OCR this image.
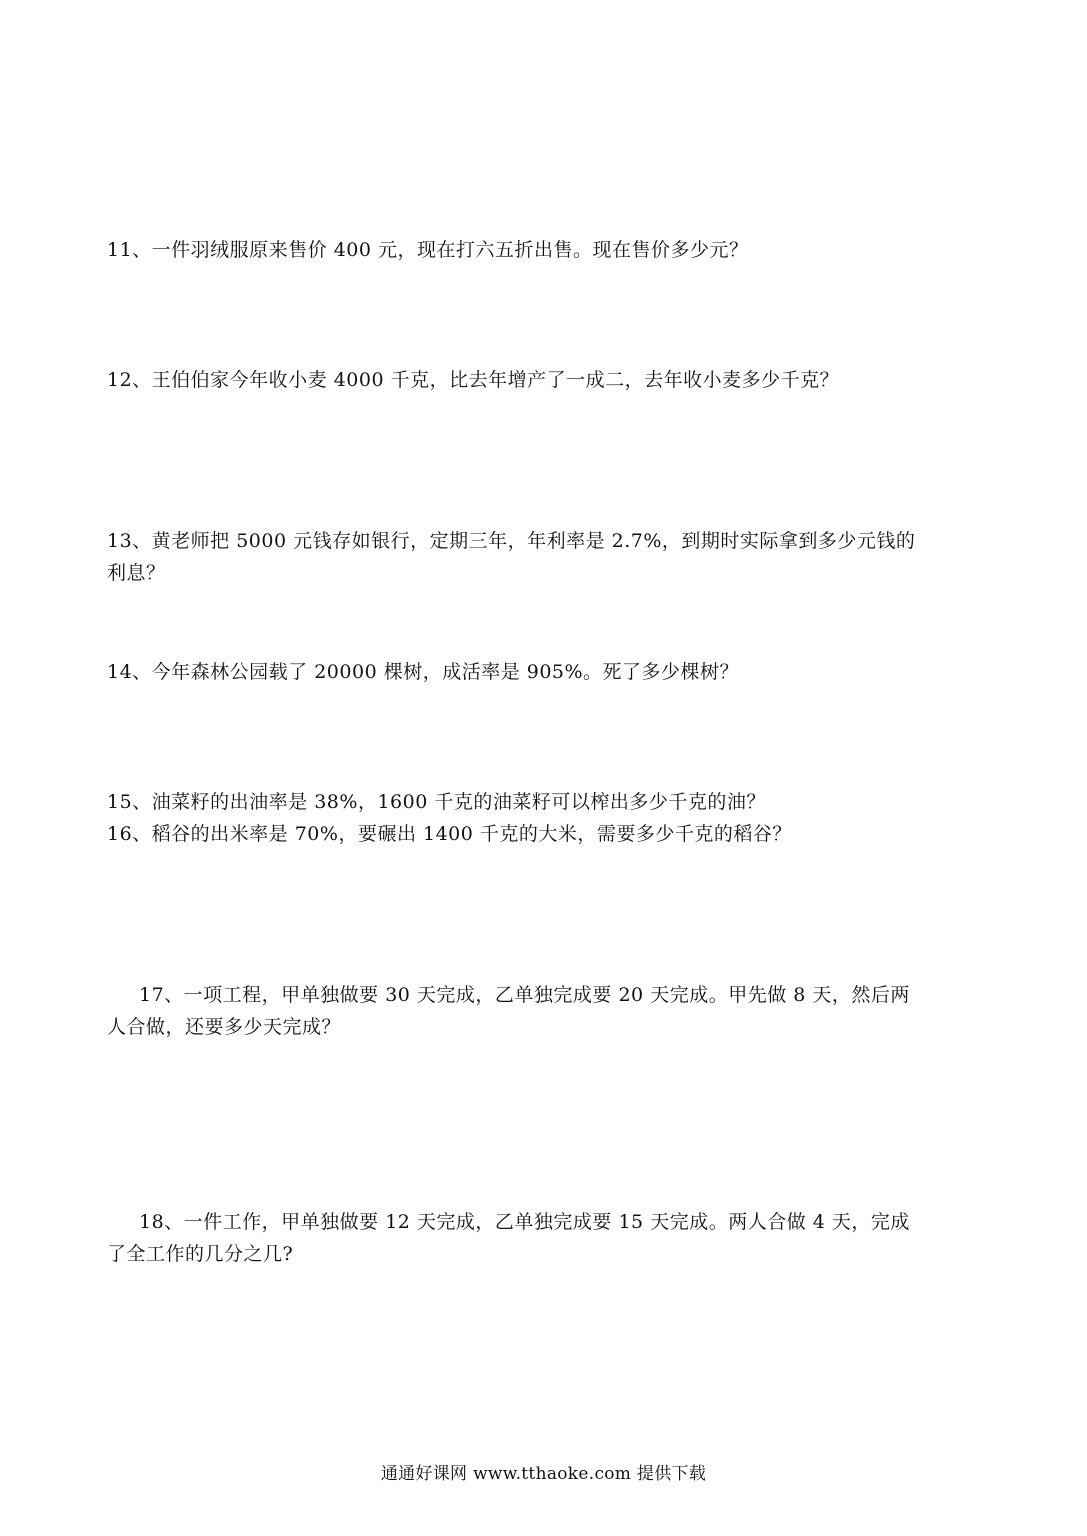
11、一件羽绒服原来售价 400 元，现在打六五折出售。现在售价多少元？

12、王伯伯家今年收小麦 4000 千克，比去年增产了一成二，去年收小麦多少千克？

13、黄老师把 5000 元钱存如银行，定期三年，年利率是 2.7%，到期时实际拿到多少元钱的
利息？

14、今年森林公园载了 20000 棵树，成活率是 905%。死了多少棵树？

15、油菜籽的出油率是 38%，1600 千克的油菜籽可以榨出多少千克的油？

16、稻谷的出米率是 70%，要碾出 1400 千克的大米，需要多少千克的稻谷？

17、一项工程，甲单独做要 30 天完成，乙单独完成要 20 天完成。甲先做 8 天，然后两
人合做，还要多少天完成？

18、一件工作，甲单独做要 12 天完成，乙单独完成要 15 天完成。两人合做 4 天，完成
了全工作的几分之几?

通通好课网 www.tthaoke.com 提供下载
